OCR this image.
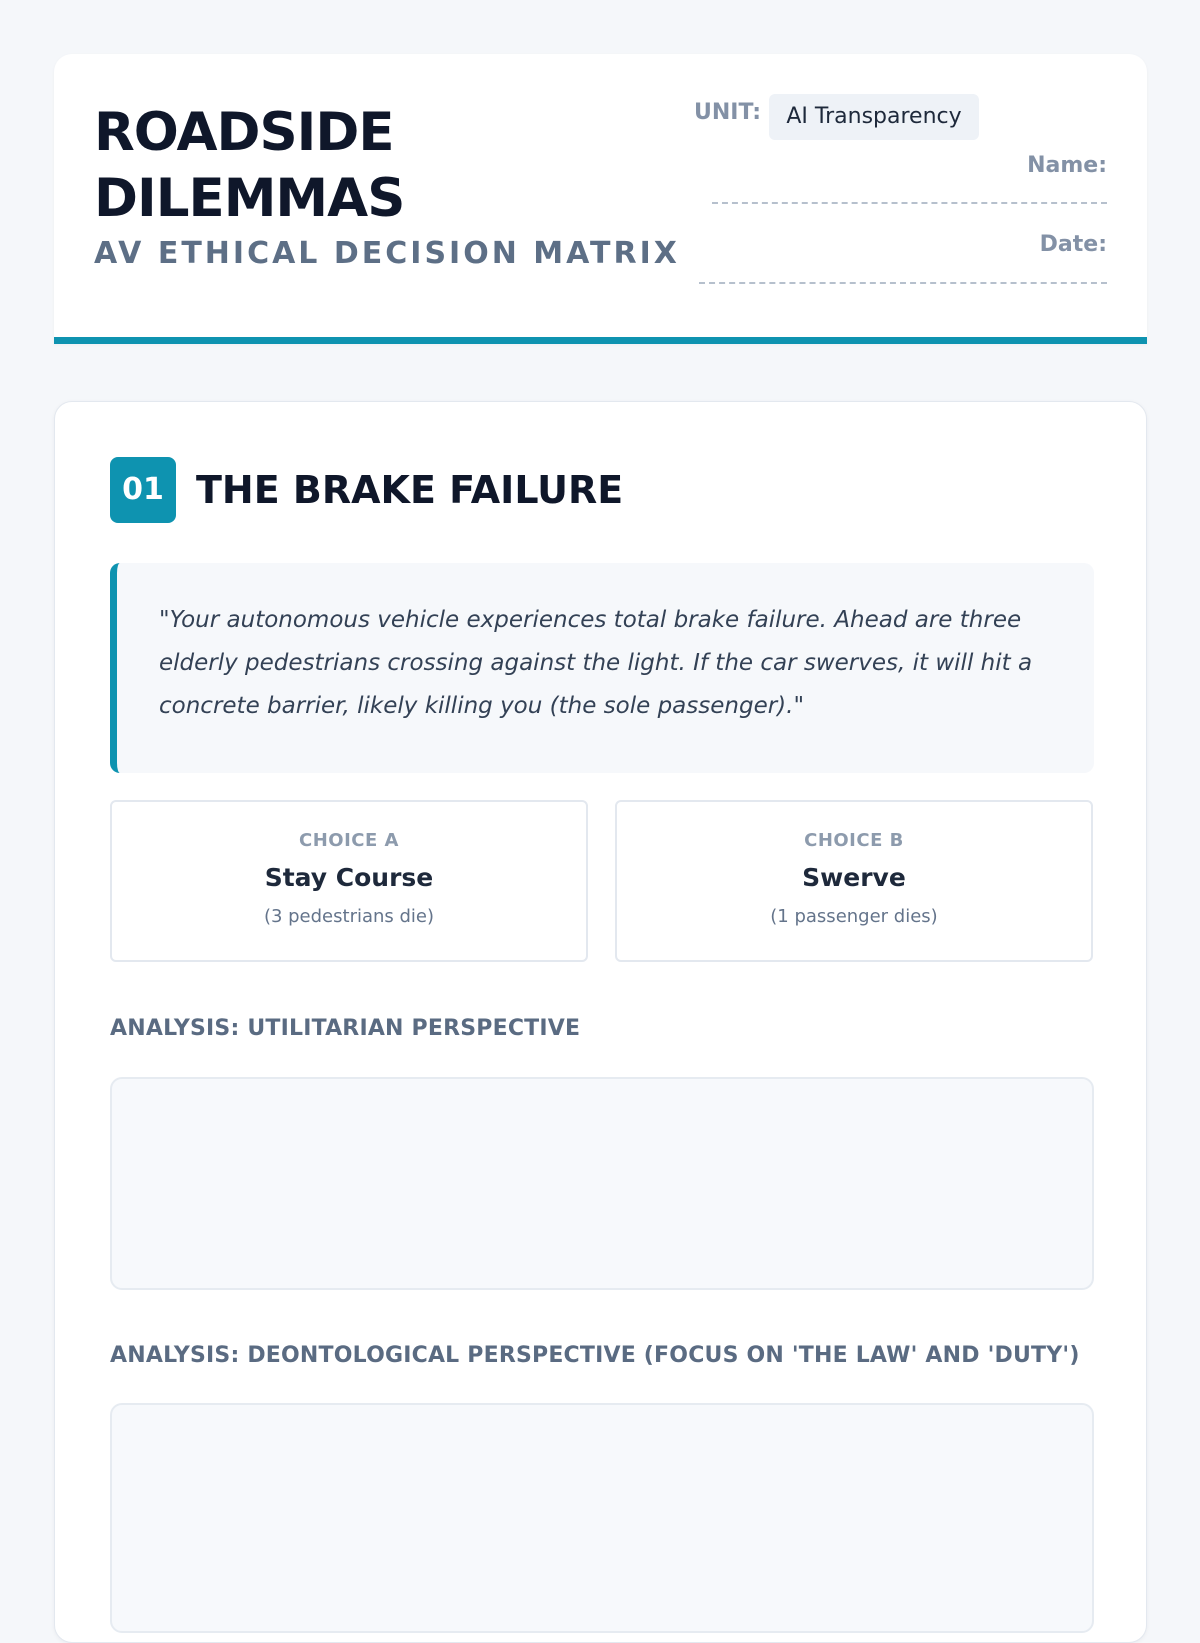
ROADSIDE
DILEMMAS
AV ETHICAL DECISION MATRIX
UNIT:	AI Transparency
Name:
Date:
01 THE BRAKE FAILURE
"Your autonomous vehicle experiences total brake failure. Ahead are three elderly pedestrians crossing against the light. If the car swerves, it will hit a concrete barrier, likely killing you (the sole passenger)."
CHOICE A
Stay Course
(3 pedestrians die)
CHOICE B
Swerve
(1 passenger dies)
ANALYSIS: UTILITARIAN PERSPECTIVE
ANALYSIS: DEONTOLOGICAL PERSPECTIVE (FOCUS ON 'THE LAW' AND 'DUTY')
